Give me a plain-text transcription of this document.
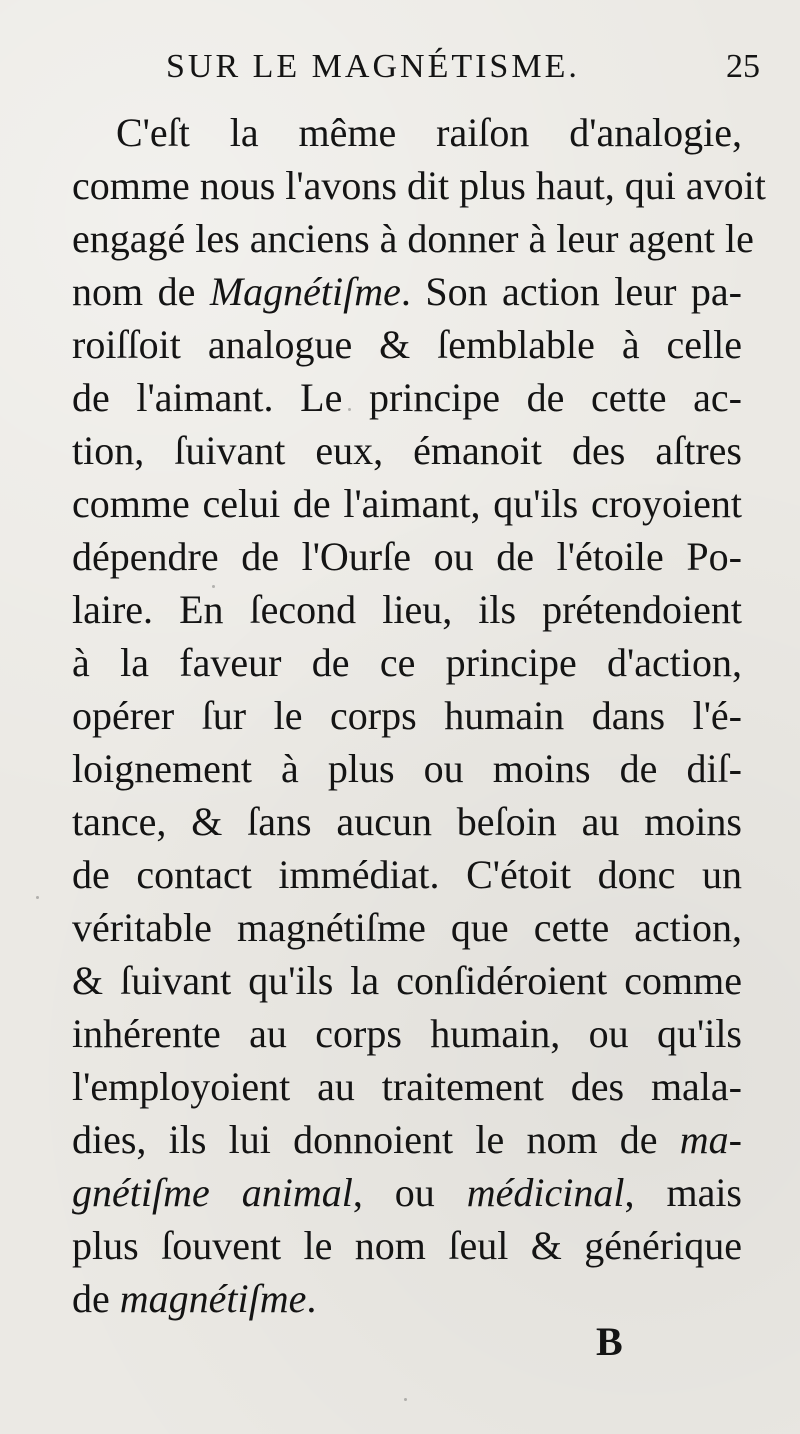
SUR LE MAGNÉTISME.	25
C'eſt la même raiſon d'analogie,
comme nous l'avons dit plus haut, qui avoit
engagé les anciens à donner à leur agent le
nom de Magnétiſme. Son action leur pa-
roiſſoit analogue & ſemblable à celle
de l'aimant. Le principe de cette ac-
tion, ſuivant eux, émanoit des aſtres
comme celui de l'aimant, qu'ils croyoient
dépendre de l'Ourſe ou de l'étoile Po-
laire. En ſecond lieu, ils prétendoient
à la faveur de ce principe d'action,
opérer ſur le corps humain dans l'é-
loignement à plus ou moins de diſ-
tance, & ſans aucun beſoin au moins
de contact immédiat. C'étoit donc un
véritable magnétiſme que cette action,
& ſuivant qu'ils la conſidéroient comme
inhérente au corps humain, ou qu'ils
l'employoient au traitement des mala-
dies, ils lui donnoient le nom de ma-
gnétiſme animal, ou médicinal, mais
plus ſouvent le nom ſeul & générique
de magnétiſme.
B
